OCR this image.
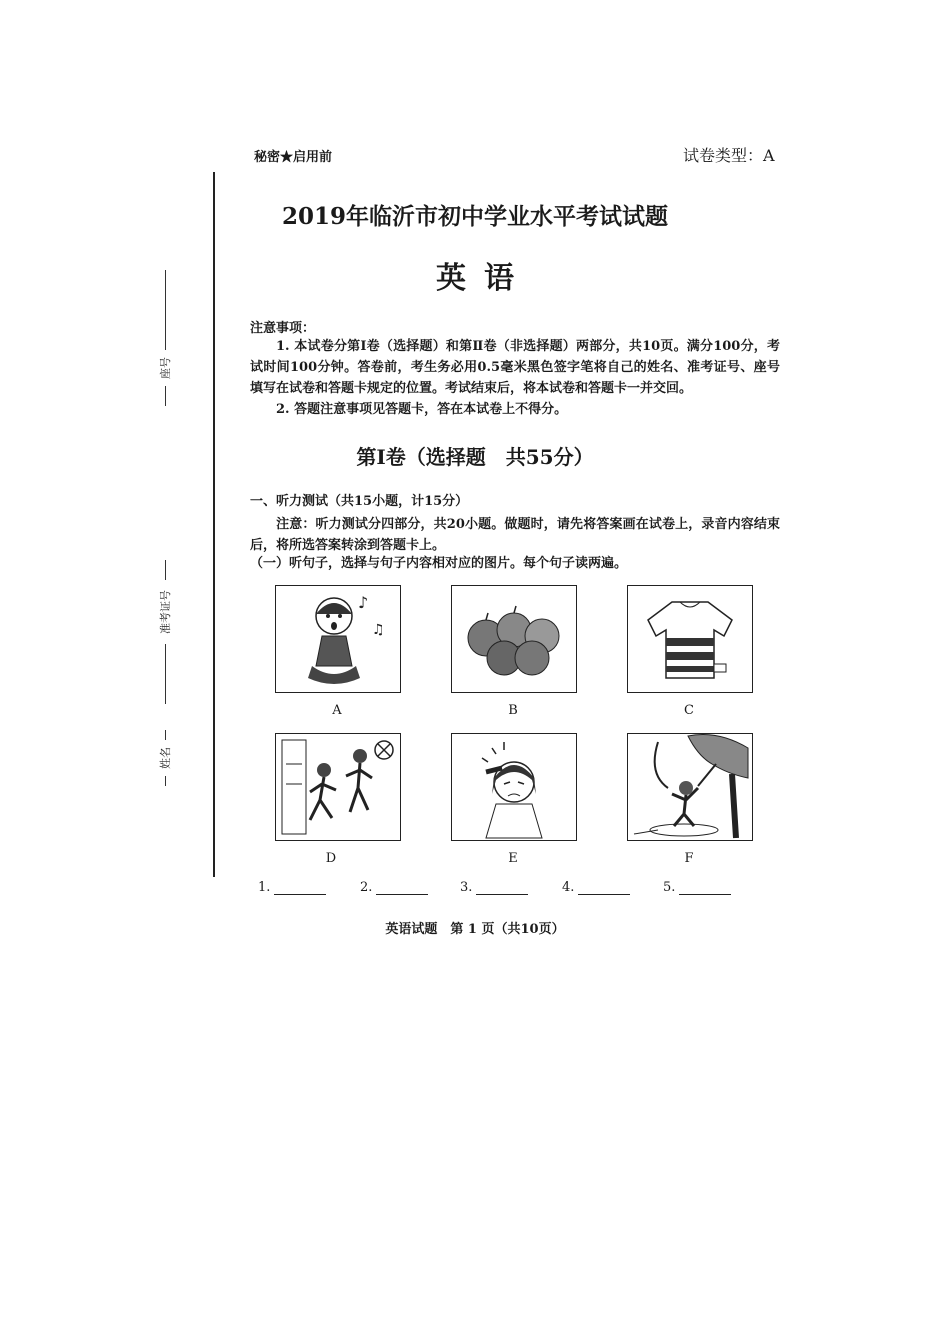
座号
准考证号
姓名
秘密★启用前	试卷类型：A
2019年临沂市初中学业水平考试试题
英语
注意事项：
1. 本试卷分第Ⅰ卷（选择题）和第Ⅱ卷（非选择题）两部分，共10页。满分100分，考试时间100分钟。答卷前，考生务必用0.5毫米黑色签字笔将自己的姓名、准考证号、座号填写在试卷和答题卡规定的位置。考试结束后，将本试卷和答题卡一并交回。
2. 答题注意事项见答题卡，答在本试卷上不得分。
第Ⅰ卷（选择题　共55分）
一、听力测试（共15小题，计15分）
注意：听力测试分四部分，共20小题。做题时，请先将答案画在试卷上，录音内容结束后，将所选答案转涂到答题卡上。
（一）听句子，选择与句子内容相对应的图片。每个句子读两遍。
♪
♫
A	B	C
D	E	F
1.	2.	3.	4.	5.
英语试题　第 1 页（共10页）
